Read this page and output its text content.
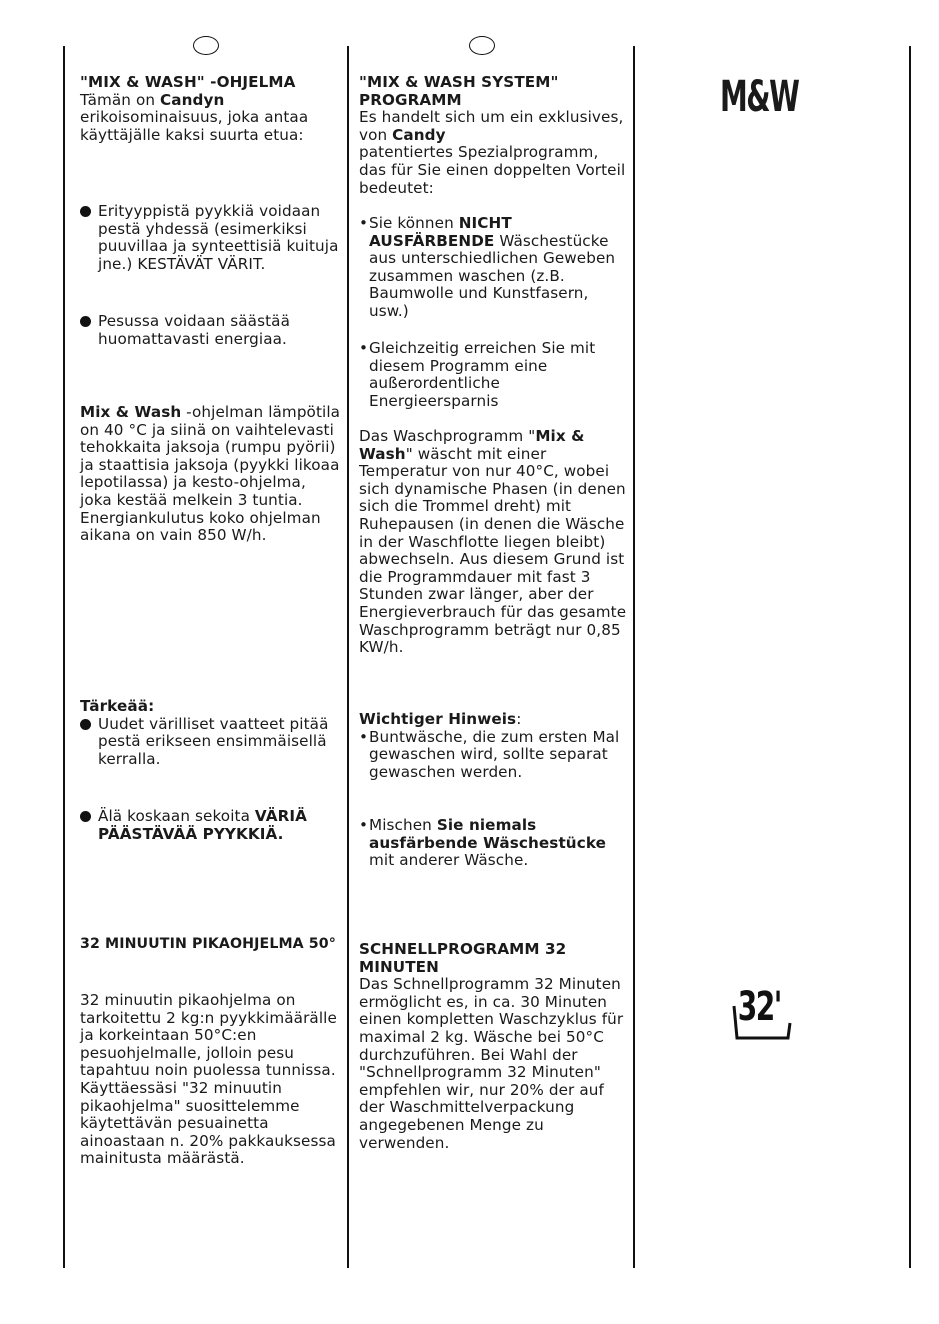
"MIX & WASH" -OHJELMA

Tämän on Candyn

erikoisominaisuus, joka antaa käyttäjälle kaksi suurta etua:

Erityyppistä pyykkiä voidaan pestä yhdessä (esimerkiksi puuvillaa ja synteettisiä kuituja jne.) KESTÄVÄT VÄRIT.
Pesussa voidaan säästää huomattavasti energiaa.

Mix & Wash -ohjelman lämpötila on 40 °C ja siinä on vaihtelevasti tehokkaita jaksoja (rumpu pyörii) ja staattisia jaksoja (pyykki likoaa lepotilassa) ja kesto-ohjelma, joka kestää melkein 3 tuntia.

Energiankulutus koko ohjelman aikana on vain 850 W/h.

Tärkeää:

Uudet värilliset vaatteet pitää pestä erikseen ensimmäisellä kerralla.
Älä koskaan sekoita VÄRIÄ PÄÄSTÄVÄÄ PYYKKIÄ.

32 MINUUTIN PIKAOHJELMA 50°

32 minuutin pikaohjelma on tarkoitettu 2 kg:n pyykkimäärälle ja korkeintaan 50°C:en pesuohjelmalle, jolloin pesu tapahtuu noin puolessa tunnissa. Käyttäessäsi "32 minuutin pikaohjelma" suosittelemme käytettävän pesuainetta ainoastaan n. 20% pakkauksessa mainitusta määrästä.

"MIX & WASH SYSTEM" PROGRAMM

Es handelt sich um ein exklusives, von Candy

patentiertes Spezialprogramm, das für Sie einen doppelten Vorteil bedeutet:

• Sie können NICHT AUSFÄRBENDE Wäschestücke aus unterschiedlichen Geweben zusammen waschen (z.B. Baumwolle und Kunstfasern, usw.)
• Gleichzeitig erreichen Sie mit diesem Programm eine außerordentliche Energieersparnis

Das Waschprogramm "Mix & Wash" wäscht mit einer Temperatur von nur 40°C, wobei sich dynamische Phasen (in denen sich die Trommel dreht) mit Ruhepausen (in denen die Wäsche in der Waschflotte liegen bleibt) abwechseln. Aus diesem Grund ist die Programmdauer mit fast 3 Stunden zwar länger, aber der Energieverbrauch für das gesamte Waschprogramm beträgt nur 0,85 KW/h.

Wichtiger Hinweis:

• Buntwäsche, die zum ersten Mal gewaschen wird, sollte separat gewaschen werden.
• Mischen Sie niemals ausfärbende Wäschestücke mit anderer Wäsche.

SCHNELLPROGRAMM 32 MINUTEN

Das Schnellprogramm 32 Minuten ermöglicht es, in ca. 30 Minuten einen kompletten Waschzyklus für maximal 2 kg. Wäsche bei 50°C durchzuführen. Bei Wahl der "Schnellprogramm 32 Minuten" empfehlen wir, nur 20% der auf der Waschmittelverpackung angegebenen Menge zu verwenden.

M&W
32'
